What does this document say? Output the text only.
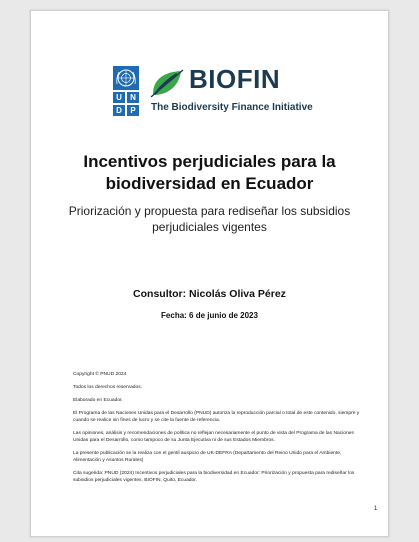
U	N
D	P
BIOFIN
The Biodiversity Finance Initiative
Incentivos perjudiciales para la
biodiversidad en Ecuador
Priorización y propuesta para rediseñar los subsidios
perjudiciales vigentes
Consultor: Nicolás Oliva Pérez
Fecha: 6 de junio de 2023

Copyright © PNUD 2024

Todos los derechos reservados.

Elaborado en Ecuador.

El Programa de las Naciones Unidas para el Desarrollo (PNUD) autoriza la reproducción parcial o total de este contenido, siempre y cuando se realice sin fines de lucro y se cite la fuente de referencia.

Las opiniones, análisis y recomendaciones de política no reflejan necesariamente el punto de vista del Programa de las Naciones Unidas para el Desarrollo, como tampoco de su Junta Ejecutiva ni de sus Estados Miembros.

La presente publicación se la realiza con el gentil auspicio de UK-DEFRA (Departamento del Reino Unido para el Ambiente, Alimentación y Asuntos Rurales)

Cita sugerida: PNUD (2024) Incentivos perjudiciales para la biodiversidad en Ecuador: Priorización y propuesta para rediseñar los subsidios perjudiciales vigentes. BIOFIN. Quito, Ecuador.

1
